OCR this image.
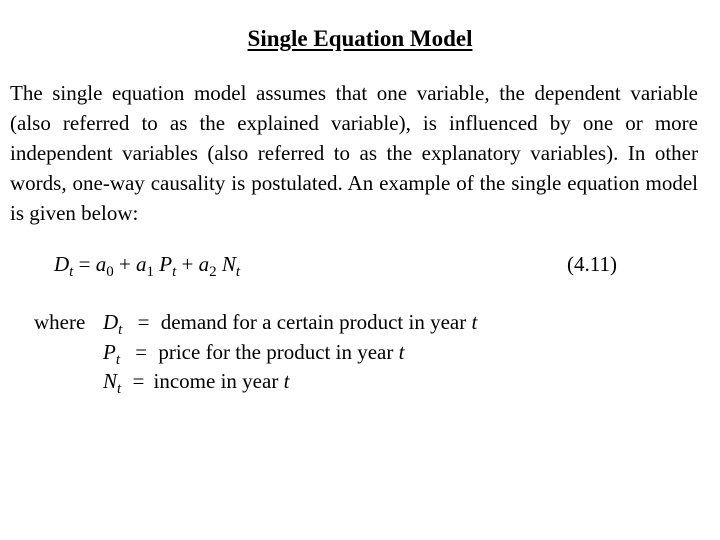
Single Equation Model
The single equation model assumes that one variable, the dependent variable (also referred to as the explained variable), is influenced by one or more independent variables (also referred to as the explanatory variables). In other words, one-way causality is postulated. An example of the single equation model is given below:
$D_t = a_0 + a_1$ $P_t + a_2$ $N_t$	(4.11)
where $D_t$ = demand for a certain product in year t
$P_t$ = price for the product in year t
$N_t$ = income in year t
